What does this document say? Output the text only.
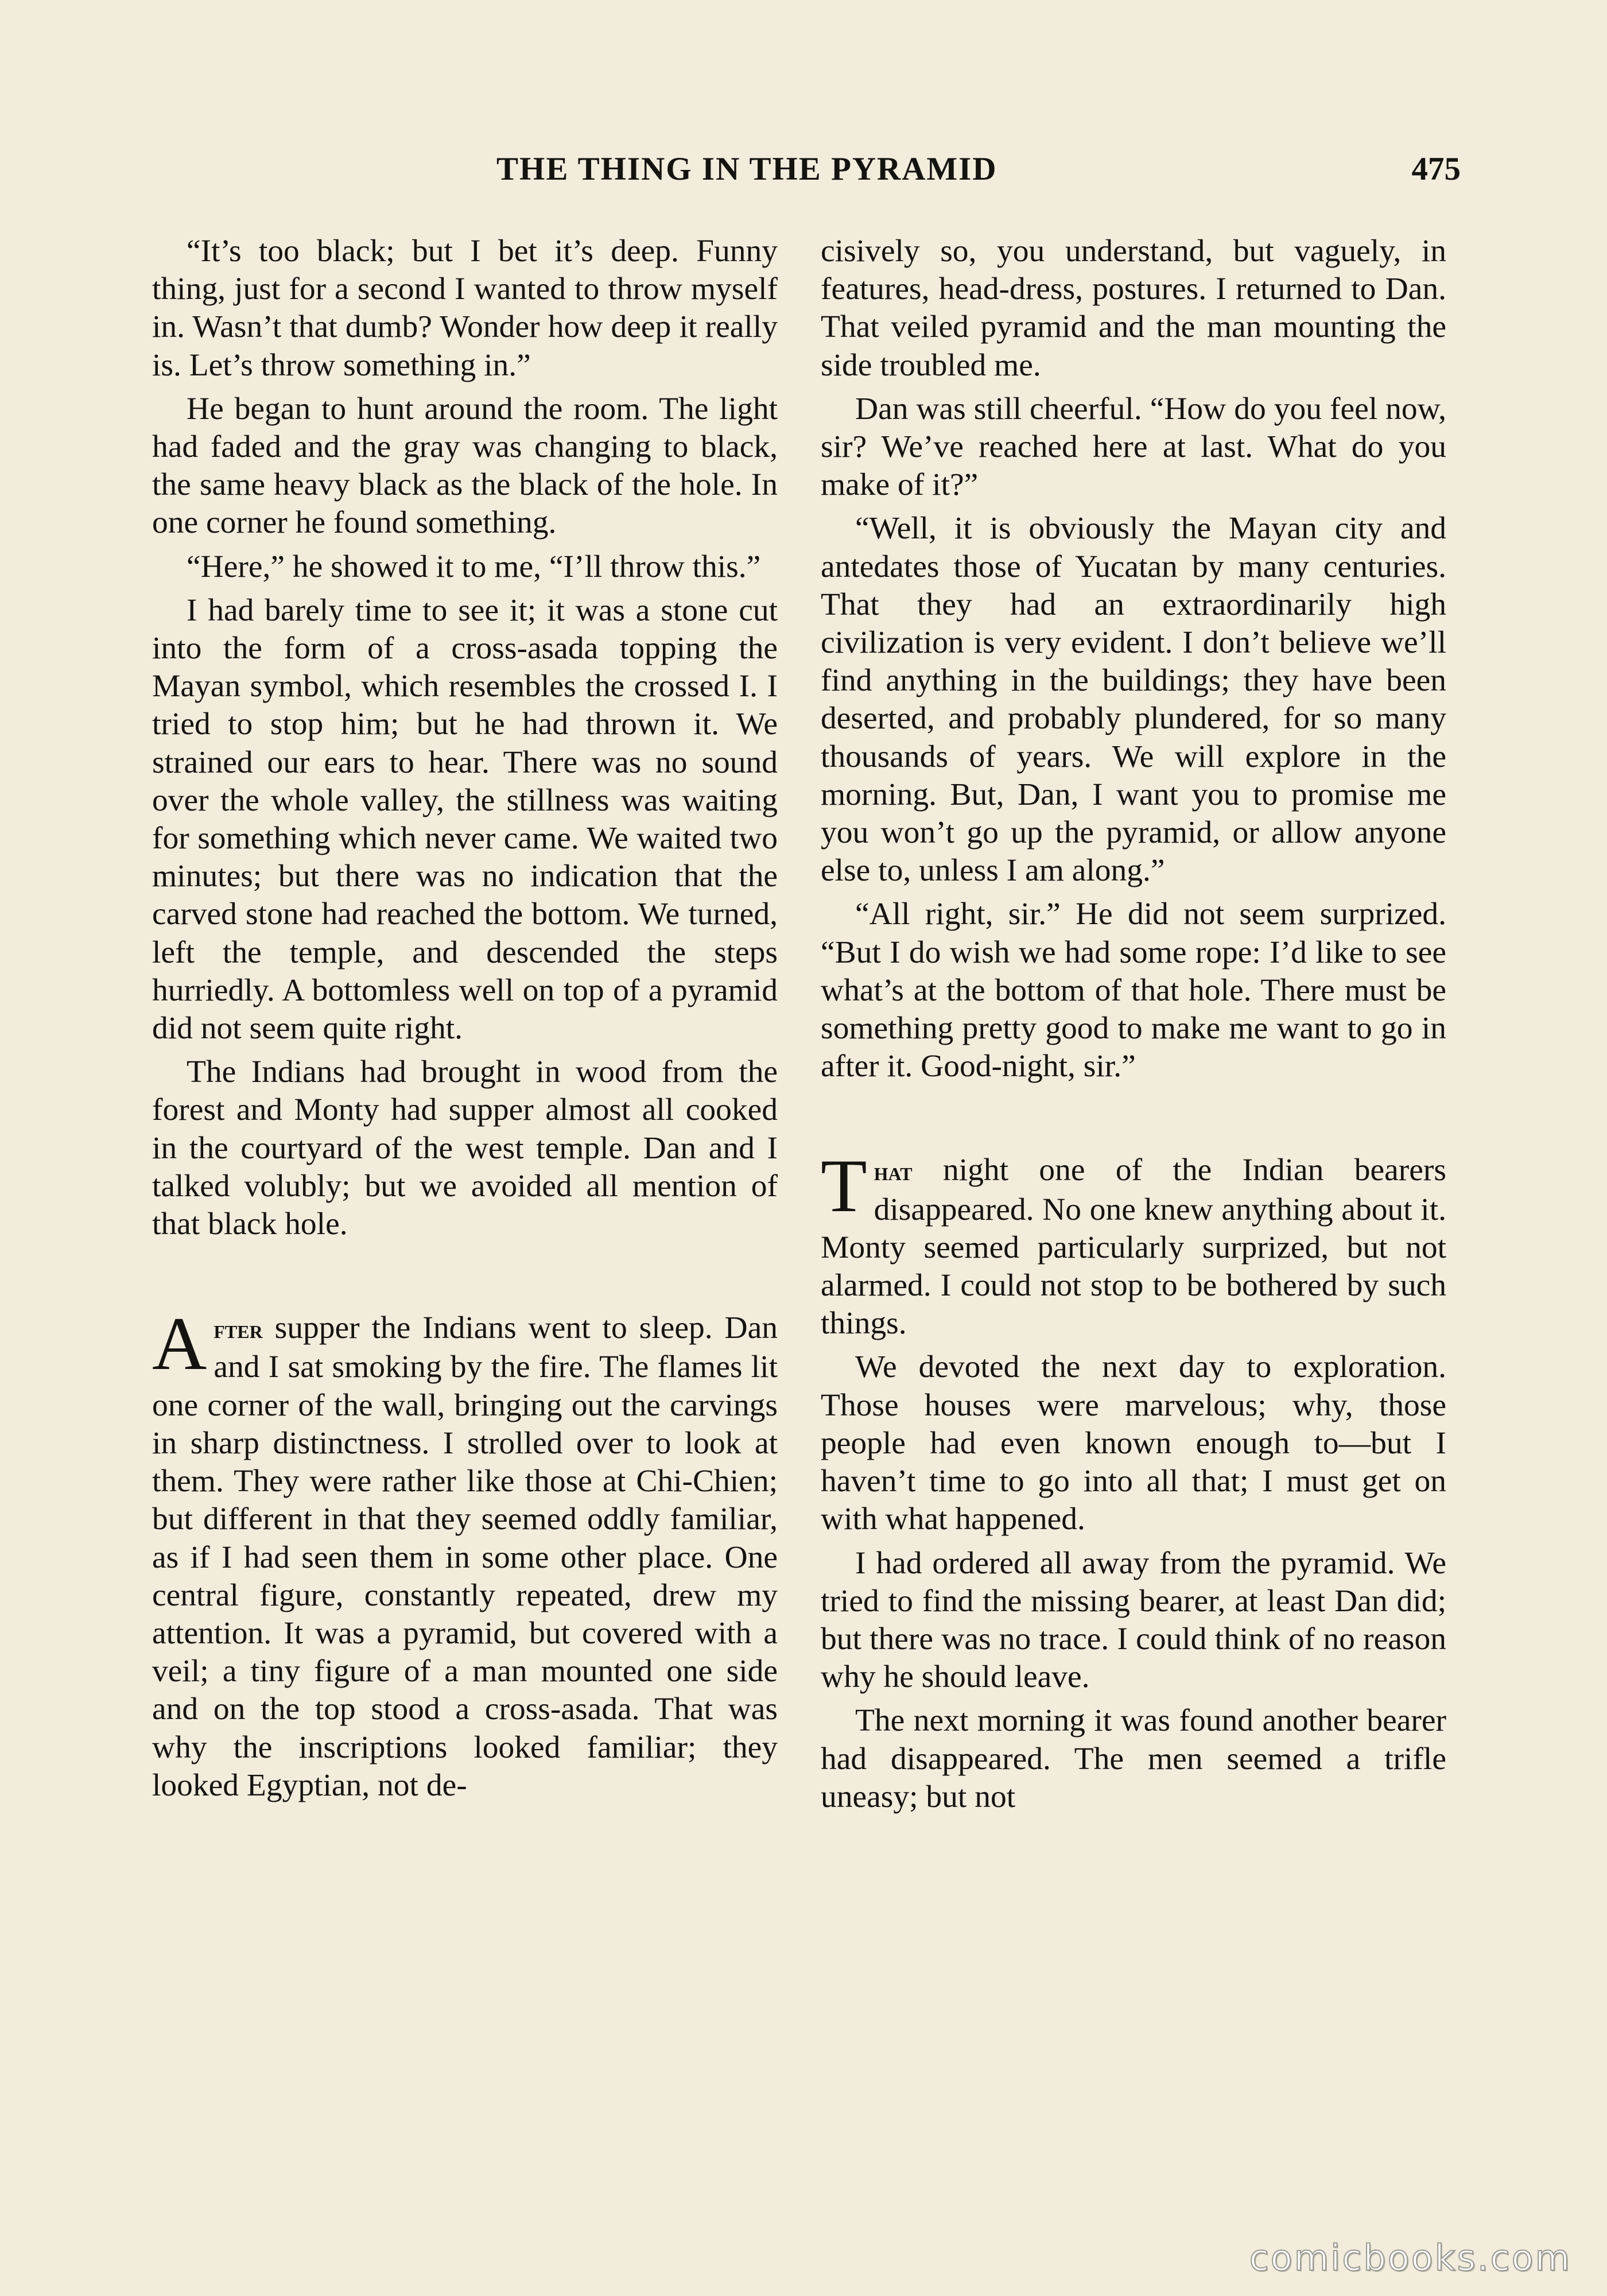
THE THING IN THE PYRAMID	475

“It’s too black; but I bet it’s deep. Funny thing, just for a second I wanted to throw myself in. Wasn’t that dumb? Wonder how deep it really is. Let’s throw something in.”

He began to hunt around the room. The light had faded and the gray was changing to black, the same heavy black as the black of the hole. In one corner he found something.

“Here,” he showed it to me, “I’ll throw this.”

I had barely time to see it; it was a stone cut into the form of a cross-asada topping the Mayan symbol, which resembles the crossed I. I tried to stop him; but he had thrown it. We strained our ears to hear. There was no sound over the whole valley, the stillness was waiting for something which never came. We waited two minutes; but there was no indication that the carved stone had reached the bottom. We turned, left the temple, and descended the steps hurriedly. A bottomless well on top of a pyramid did not seem quite right.

The Indians had brought in wood from the forest and Monty had supper almost all cooked in the courtyard of the west temple. Dan and I talked volubly; but we avoided all mention of that black hole.

After supper the Indians went to sleep. Dan and I sat smoking by the fire. The flames lit one corner of the wall, bringing out the carvings in sharp distinctness. I strolled over to look at them. They were rather like those at Chi-Chien; but different in that they seemed oddly familiar, as if I had seen them in some other place. One central figure, constantly repeated, drew my attention. It was a pyramid, but covered with a veil; a tiny figure of a man mounted one side and on the top stood a cross-asada. That was why the inscriptions looked familiar; they looked Egyptian, not de-

cisively so, you understand, but vaguely, in features, head-dress, postures. I returned to Dan. That veiled pyramid and the man mounting the side troubled me.

Dan was still cheerful. “How do you feel now, sir? We’ve reached here at last. What do you make of it?”

“Well, it is obviously the Mayan city and antedates those of Yucatan by many centuries. That they had an extraordinarily high civilization is very evident. I don’t believe we’ll find anything in the buildings; they have been deserted, and probably plundered, for so many thousands of years. We will explore in the morning. But, Dan, I want you to promise me you won’t go up the pyramid, or allow anyone else to, unless I am along.”

“All right, sir.” He did not seem surprized. “But I do wish we had some rope: I’d like to see what’s at the bottom of that hole. There must be something pretty good to make me want to go in after it. Good-night, sir.”

That night one of the Indian bearers disappeared. No one knew anything about it. Monty seemed particularly surprized, but not alarmed. I could not stop to be bothered by such things.

We devoted the next day to exploration. Those houses were marvelous; why, those people had even known enough to—but I haven’t time to go into all that; I must get on with what happened.

I had ordered all away from the pyramid. We tried to find the missing bearer, at least Dan did; but there was no trace. I could think of no reason why he should leave.

The next morning it was found another bearer had disappeared. The men seemed a trifle uneasy; but not

comicbooks.com
